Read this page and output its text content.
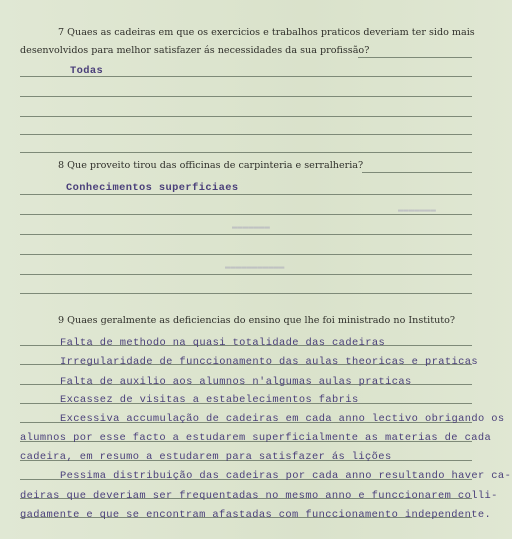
▬▬▬▬▬▬▬
▬▬▬▬▬▬▬▬▬▬▬
▬▬▬▬▬▬▬
7 Quaes as cadeiras em que os exercicios e trabalhos praticos deveriam ter sido mais
desenvolvidos para melhor satisfazer ás necessidades da sua profissão?
Todas
8 Que proveito tirou das officinas de carpinteria e serralheria?
Conhecimentos superficiaes
9 Quaes geralmente as deficiencias do ensino que lhe foi ministrado no Instituto?
Falta de methodo na quasi totalidade das cadeiras
Irregularidade de funccionamento das aulas theoricas e praticas
Falta de auxilio aos alumnos n'algumas aulas praticas
Excassez de visitas a estabelecimentos fabris
Excessiva accumulação de cadeiras em cada anno lectivo obrigando os
alumnos por esse facto a estudarem superficialmente as materias de cada
cadeira, em resumo a estudarem para satisfazer ás lições
Pessima distribuição das cadeiras por cada anno resultando haver ca-
deiras que deveriam ser frequentadas no mesmo anno e funccionarem colli-
gadamente e que se encontram afastadas com funccionamento independente.
